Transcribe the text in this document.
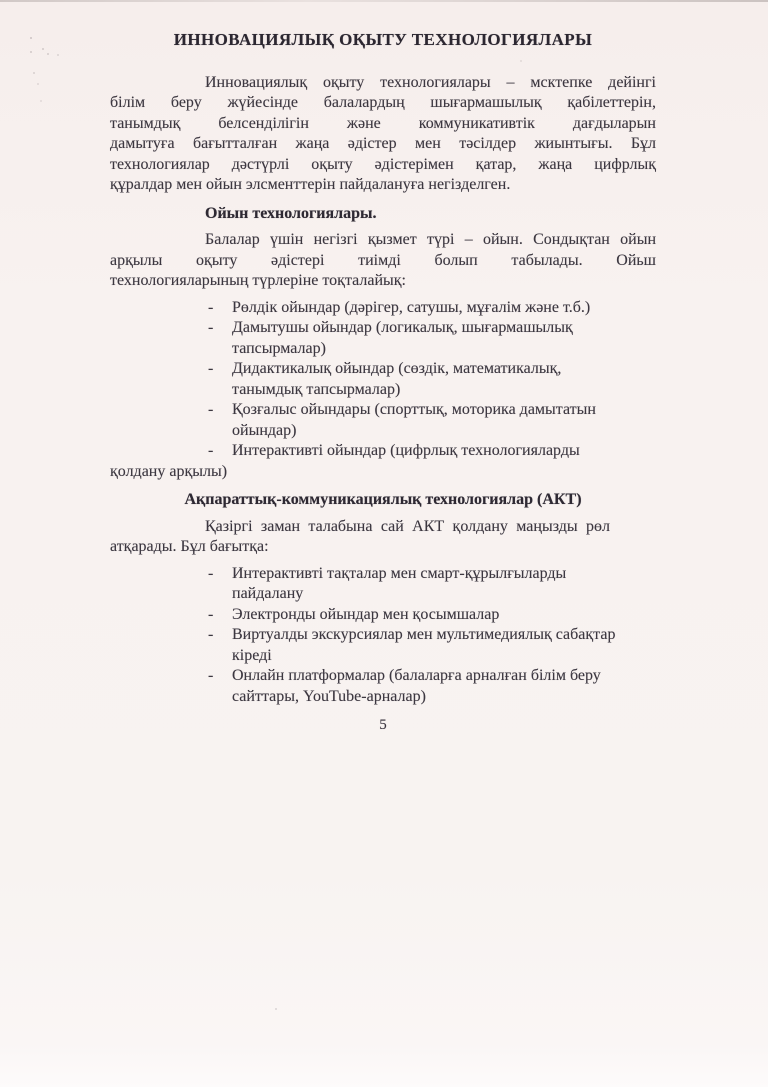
ИННОВАЦИЯЛЫҚ ОҚЫТУ ТЕХНОЛОГИЯЛАРЫ
Инновациялық оқыту технологиялары – мсктепке дейінгі
білім беру жүйесінде балалардың шығармашылық қабілеттерін,
танымдық белсенділігін және коммуникативтік дағдыларын
дамытуға бағытталған жаңа әдістер мен тәсілдер жиынтығы. Бұл
технологиялар дәстүрлі оқыту әдістерімен қатар, жаңа цифрлық
құралдар мен ойын элсменттерін пайдалануға негізделген.
Ойын технологиялары.
Балалар үшін негізгі қызмет түрі – ойын. Сондықтан ойын
арқылы оқыту әдістері тиімді болып табылады. Ойьш
технологияларының түрлеріне тоқталайық:
-	Рөлдік ойындар (дәрігер, сатушы, мұғалім және т.б.)
-	Дамытушы ойындар (логикалық, шығармашылық
тапсырмалар)
-	Дидактикалық ойындар (сөздік, математикалық,
танымдық тапсырмалар)
-	Қозғалыс ойындары (спорттық, моторика дамытатын
ойындар)
-	Интерактивті ойындар (цифрлық технологияларды
қолдану арқылы)
Ақпараттық-коммуникациялық технологиялар (АКТ)
Қазіргі заман талабына сай АКТ қолдану маңызды рөл
атқарады. Бұл бағытқа:
-	Интерактивті тақталар мен смарт-құрылғыларды
пайдалану
-	Электронды ойындар мен қосымшалар
-	Виртуалды экскурсиялар мен мультимедиялық сабақтар
кіреді
-	Онлайн платформалар (балаларға арналған білім беру
сайттары, YouTube-арналар)
5
